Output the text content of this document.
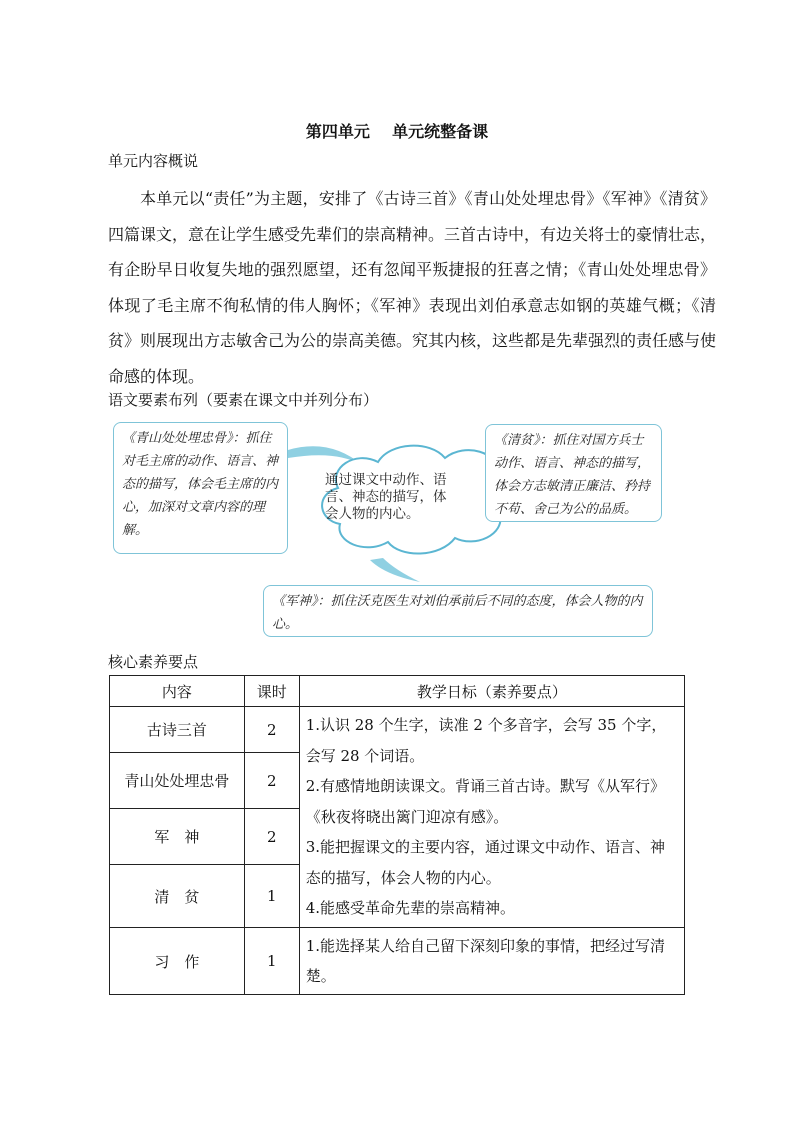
第四单元    单元统整备课
单元内容概说
本单元以“责任”为主题，安排了《古诗三首》《青山处处埋忠骨》《军神》《清贫》四篇课文，意在让学生感受先辈们的崇高精神。三首古诗中，有边关将士的豪情壮志，有企盼早日收复失地的强烈愿望，还有忽闻平叛捷报的狂喜之情；《青山处处埋忠骨》体现了毛主席不徇私情的伟人胸怀；《军神》表现出刘伯承意志如钢的英雄气概；《清贫》则展现出方志敏舍己为公的崇高美德。究其内核，这些都是先辈强烈的责任感与使命感的体现。
语文要素布列（要素在课文中并列分布）
通过课文中动作、语言、神态的描写，体会人物的内心。
《青山处处埋忠骨》：抓住对毛主席的动作、语言、神态的描写，体会毛主席的内心，加深对文章内容的理解。
《清贫》：抓住对国方兵士动作、语言、神态的描写，体会方志敏清正廉洁、矜持不苟、舍己为公的品质。
《军神》：抓住沃克医生对刘伯承前后不同的态度，体会人物的内心。
核心素养要点
内容	课时	教学日标（素养要点）
古诗三首	2	1.认识 28 个生字，读准 2 个多音字，会写 35 个字，会写 28 个词语。
2.有感情地朗读课文。背诵三首古诗。默写《从军行》《秋夜将晓出篱门迎凉有感》。
3.能把握课文的主要内容，通过课文中动作、语言、神态的描写，体会人物的内心。
4.能感受革命先辈的崇高精神。

青山处处埋忠骨	2	
军　神	2	
清　贫	1	
习　作	1	1.能选择某人给自己留下深刻印象的事情，把经过写清楚。
